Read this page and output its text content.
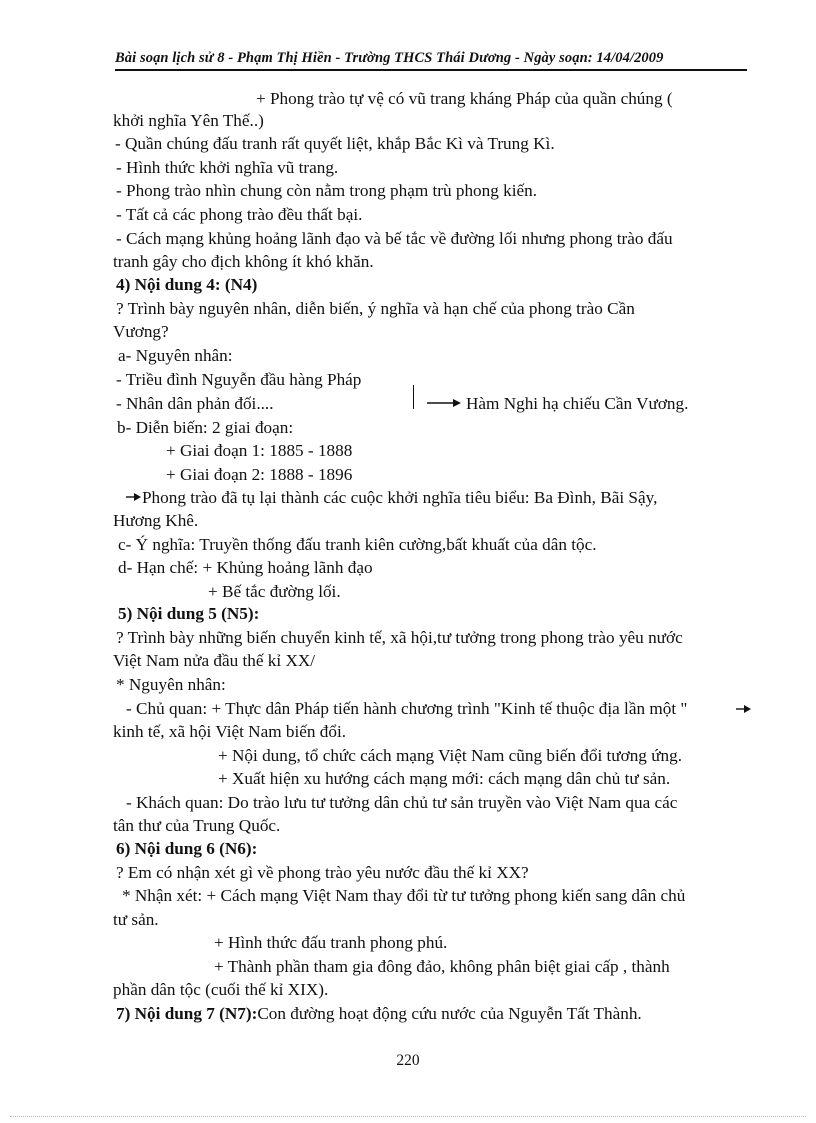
Bài soạn lịch sử 8 - Phạm Thị Hiền - Trường THCS Thái Dương - Ngày soạn: 14/04/2009
+ Phong trào tự vệ có vũ trang kháng Pháp của quần chúng (
khởi nghĩa Yên Thế..)
- Quần chúng đấu tranh rất quyết liệt, khắp Bắc Kì và Trung Kì.
- Hình thức khởi nghĩa vũ trang.
- Phong trào nhìn chung còn nằm trong phạm trù phong kiến.
- Tất cả các phong trào đều thất bại.
- Cách mạng khủng hoảng lãnh đạo và bế tắc về đường lối nhưng phong trào đấu
tranh gây cho địch không ít khó khăn.
4) Nội dung 4: (N4)
? Trình bày nguyên nhân, diễn biến, ý nghĩa và hạn chế của phong trào Cần
Vương?
a- Nguyên nhân:
- Triều đình Nguyễn đầu hàng Pháp
- Nhân dân phản đối....	Hàm Nghi hạ chiếu Cần Vương.
b- Diễn biến: 2 giai đoạn:
+ Giai đoạn 1: 1885 - 1888
+ Giai đoạn 2: 1888 - 1896
Phong trào đã tụ lại thành các cuộc khởi nghĩa tiêu biểu: Ba Đình, Bãi Sậy,
Hương Khê.
c- Ý nghĩa: Truyền thống đấu tranh kiên cường,bất khuất của dân tộc.
d- Hạn chế: + Khủng hoảng lãnh đạo
+ Bế tắc đường lối.
5) Nội dung 5 (N5):
? Trình bày những biến chuyển kinh tế, xã hội,tư tưởng trong phong trào yêu nước
Việt Nam nửa đầu thế kỉ XX/
* Nguyên nhân:
- Chủ quan: + Thực dân Pháp tiến hành chương trình "Kinh tế thuộc địa lần một "
kinh tế, xã hội Việt Nam biến đổi.
+ Nội dung, tổ chức cách mạng Việt Nam cũng biến đổi tương ứng.
+ Xuất hiện xu hướng cách mạng mới: cách mạng dân chủ tư sản.
- Khách quan: Do trào lưu tư tưởng dân chủ tư sản truyền vào Việt Nam qua các
tân thư của Trung Quốc.
6) Nội dung 6 (N6):
? Em có nhận xét gì về phong trào yêu nước đầu thế kỉ XX?
* Nhận xét: + Cách mạng Việt Nam thay đổi từ tư tưởng phong kiến sang dân chủ
tư sản.
+ Hình thức đấu tranh phong phú.
+ Thành phần tham gia đông đảo, không phân biệt giai cấp , thành
phần dân tộc (cuối thế kỉ XIX).
7) Nội dung 7 (N7):Con đường hoạt động cứu nước của Nguyễn Tất Thành.
220
